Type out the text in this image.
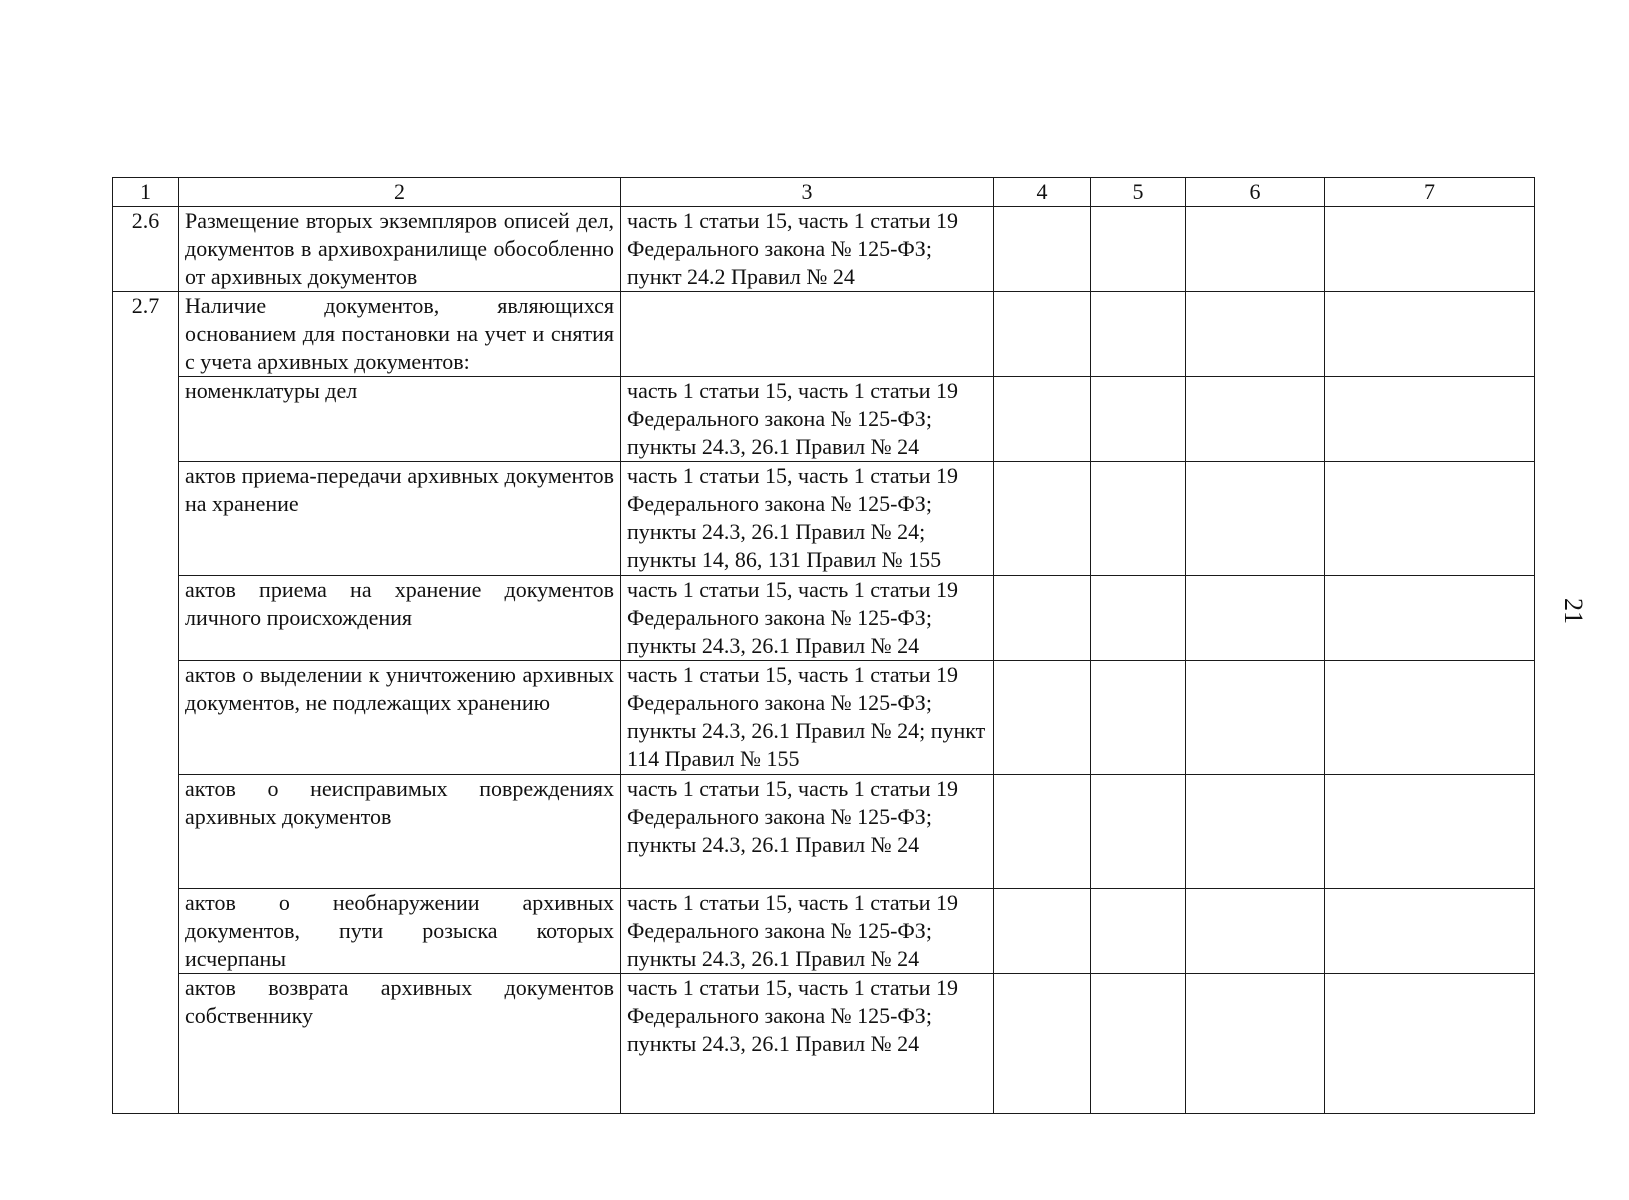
1	2	3	4	5	6	7
2.6	Размещение вторых экземпляров описей дел, документов в архивохранилище обособленно от архивных документов	часть 1 статьи 15, часть 1 статьи 19 Федерального закона № 125-ФЗ; пункт 24.2 Правил № 24				
2.7	Наличие документов, являющихся основанием для постановки на учет и снятия с учета архивных документов:					
	номенклатуры дел	часть 1 статьи 15, часть 1 статьи 19 Федерального закона № 125-ФЗ; пункты 24.3, 26.1 Правил № 24				
	актов приема-передачи архивных документов на хранение	часть 1 статьи 15, часть 1 статьи 19 Федерального закона № 125-ФЗ; пункты 24.3, 26.1 Правил № 24; пункты 14, 86, 131 Правил № 155				
	актов приема на хранение документов личного происхождения	часть 1 статьи 15, часть 1 статьи 19 Федерального закона № 125-ФЗ; пункты 24.3, 26.1 Правил № 24				
	актов о выделении к уничтожению архивных документов, не подлежащих хранению	часть 1 статьи 15, часть 1 статьи 19 Федерального закона № 125-ФЗ; пункты 24.3, 26.1 Правил № 24; пункт 114 Правил № 155				
	актов о неисправимых повреждениях архивных документов	часть 1 статьи 15, часть 1 статьи 19 Федерального закона № 125-ФЗ; пункты 24.3, 26.1 Правил № 24				
	актов о необнаружении архивных документов, пути розыска которых исчерпаны	часть 1 статьи 15, часть 1 статьи 19 Федерального закона № 125-ФЗ; пункты 24.3, 26.1 Правил № 24				
	актов возврата архивных документов собственнику	часть 1 статьи 15, часть 1 статьи 19 Федерального закона № 125-ФЗ; пункты 24.3, 26.1 Правил № 24				
21
